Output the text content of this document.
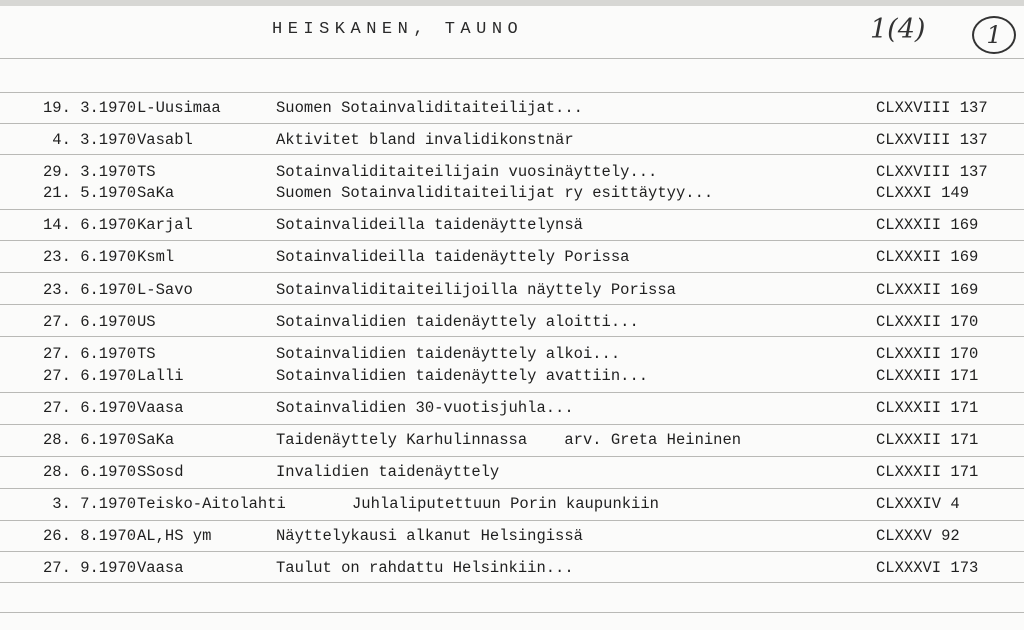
HEISKANEN, TAUNO	1(4)	1
19. 3.1970 L-Uusimaa	Suomen Sotainvaliditaiteilijat...	CLXXVIII 137
4. 3.1970 Vasabl	Aktivitet bland invalidikonstnär	CLXXVIII 137
29. 3.1970 TS	Sotainvaliditaiteilijain vuosinäyttely...	CLXXVIII 137
21. 5.1970 SaKa	Suomen Sotainvaliditaiteilijat ry esittäytyy...	CLXXXI 149
14. 6.1970 Karjal	Sotainvalideilla taidenäyttelynsä	CLXXXII 169
23. 6.1970 Ksml	Sotainvalideilla taidenäyttely Porissa	CLXXXII 169
23. 6.1970 L-Savo	Sotainvaliditaiteilijoilla näyttely Porissa	CLXXXII 169
27. 6.1970 US	Sotainvalidien taidenäyttely aloitti...	CLXXXII 170
27. 6.1970 TS	Sotainvalidien taidenäyttely alkoi...	CLXXXII 170
27. 6.1970 Lalli	Sotainvalidien taidenäyttely avattiin...	CLXXXII 171
27. 6.1970 Vaasa	Sotainvalidien 30-vuotisjuhla...	CLXXXII 171
28. 6.1970 SaKa	Taidenäyttely Karhulinnassa    arv. Greta Heininen	CLXXXII 171
28. 6.1970 SSosd	Invalidien taidenäyttely	CLXXXII 171
3. 7.1970 Teisko-Aitolahti	Juhlaliputettuun Porin kaupunkiin	CLXXXIV 4
26. 8.1970 AL,HS ym	Näyttelykausi alkanut Helsingissä	CLXXXV 92
27. 9.1970 Vaasa	Taulut on rahdattu Helsinkiin...	CLXXXVI 173
